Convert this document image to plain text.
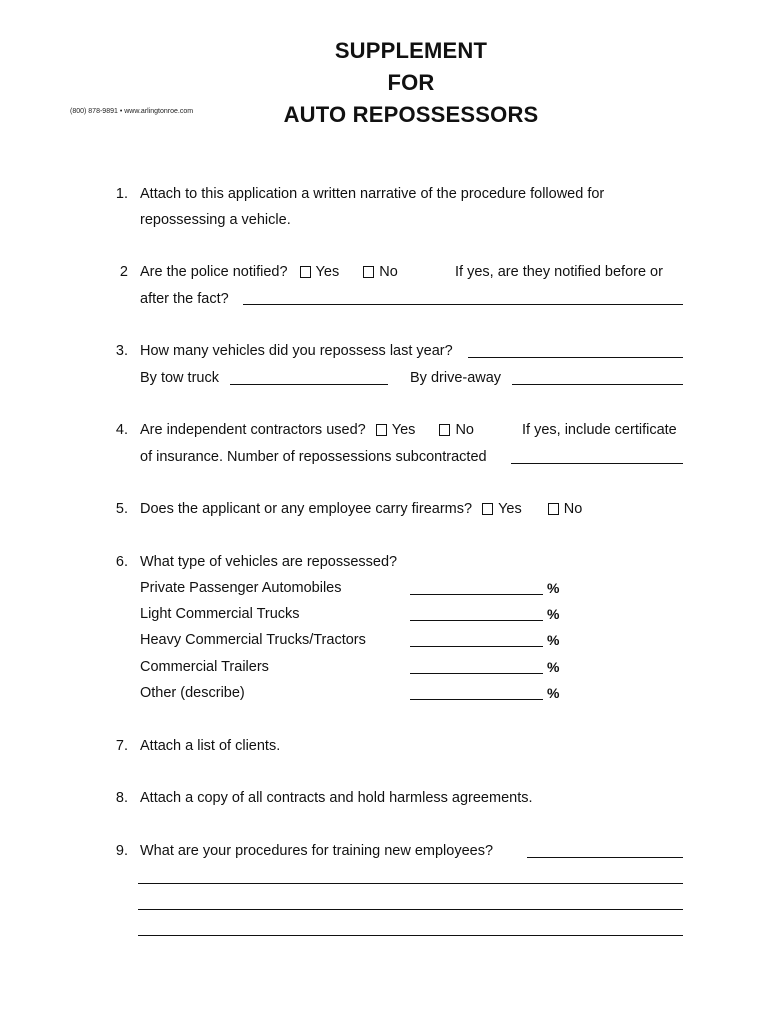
SUPPLEMENT
FOR
AUTO REPOSSESSORS
(800) 878-9891 • www.arlingtonroe.com
1. Attach to this application a written narrative of the procedure followed for
repossessing a vehicle.
2 Are the police notified? Yes	No	If yes, are they notified before or
after the fact?
3. How many vehicles did you repossess last year?
By tow truck	By drive-away
4. Are independent contractors used? Yes	No	If yes, include certificate
of insurance. Number of repossessions subcontracted
5. Does the applicant or any employee carry firearms? Yes	No
6. What type of vehicles are repossessed?
Private Passenger Automobiles	%
Light Commercial Trucks	%
Heavy Commercial Trucks/Tractors	%
Commercial Trailers	%
Other (describe)	%
7. Attach a list of clients.
8. Attach a copy of all contracts and hold harmless agreements.
9. What are your procedures for training new employees?
